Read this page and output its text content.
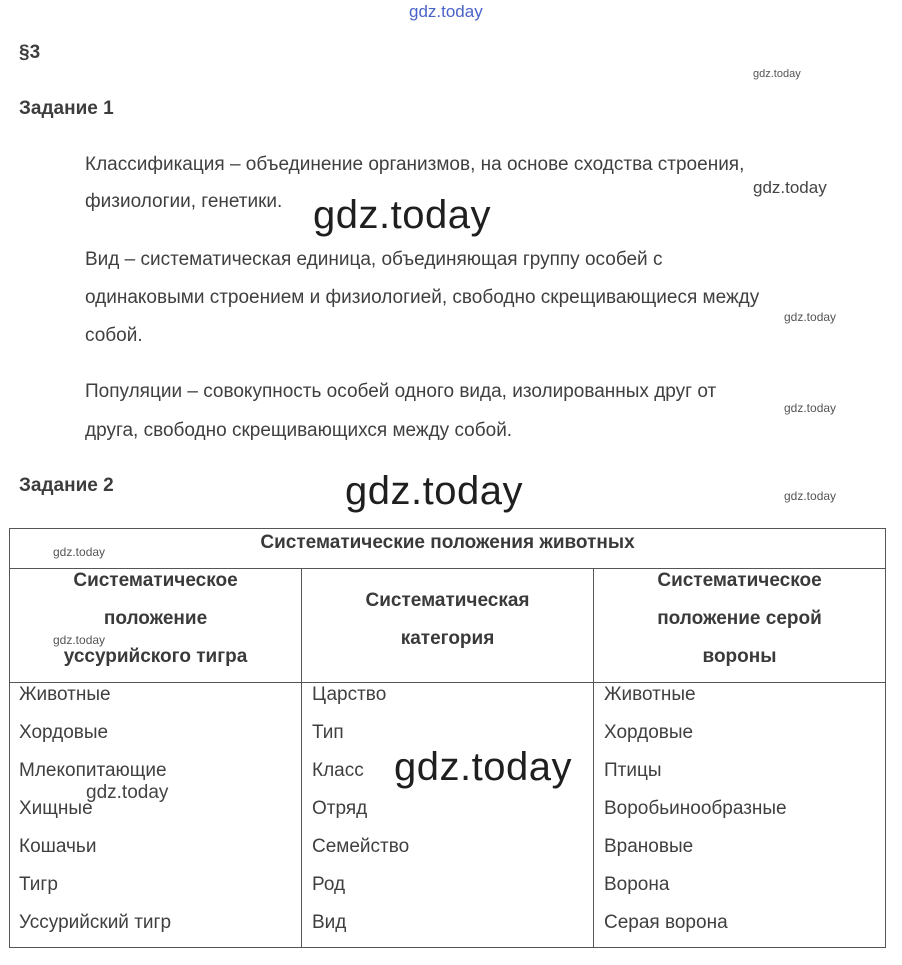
gdz.today
gdz.today
gdz.today
gdz.today
gdz.today
gdz.today
gdz.today	gdz.today
§3
Задание 1
Классификация – объединение организмов, на основе сходства строения,
физиологии, генетики.
Вид – систематическая единица, объединяющая группу особей с
одинаковыми строением и физиологией, свободно скрещивающиеся между
собой.
Популяции – совокупность особей одного вида, изолированных друг от
друга, свободно скрещивающихся между собой.
Задание 2
Систематические положения животных
Систематическое
положение
уссурийского тигра
Систематическая
категория
Систематическое
положение серой
вороны
Животные
Хордовые
Млекопитающие
Хищные
Кошачьи
Тигр
Уссурийский тигр
Царство
Тип
Класс
Отряд
Семейство
Род
Вид
Животные
Хордовые
Птицы
Воробьинообразные
Врановые
Ворона
Серая ворона
gdz.today
gdz.today
gdz.today
gdz.today
